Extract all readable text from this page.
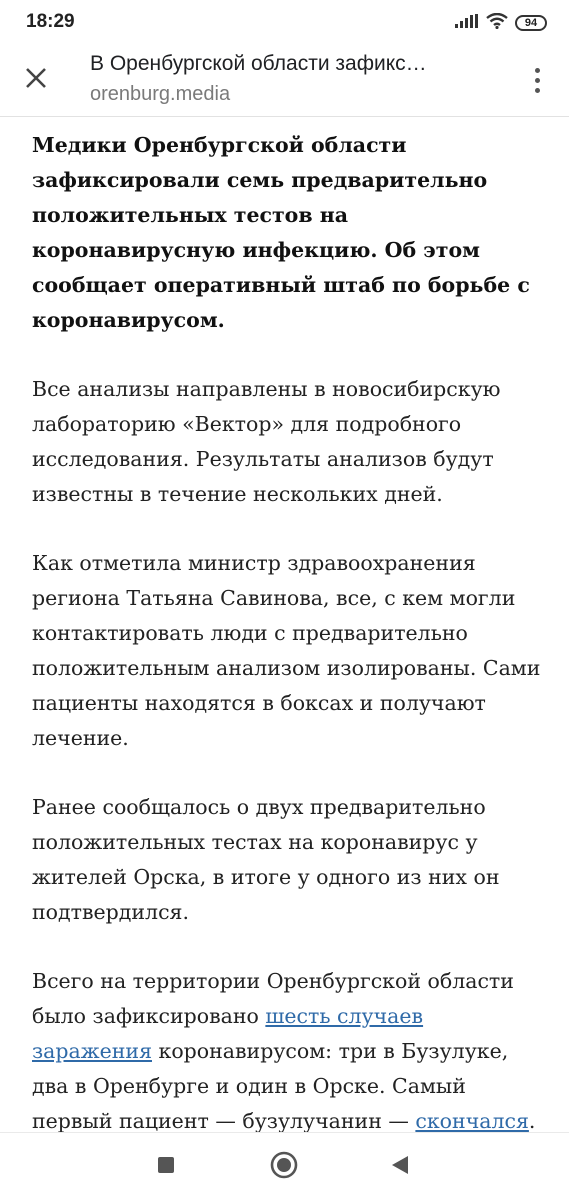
18:29	94
В Оренбургской области зафикс…
orenburg.media

Медики Оренбургской области зафиксировали семь предварительно положительных тестов на коронавирусную инфекцию. Об этом сообщает оперативный штаб по борьбе с коронавирусом.

Все анализы направлены в новосибирскую лабораторию «Вектор» для подробного исследования. Результаты анализов будут известны в течение нескольких дней.

Как отметила министр здравоохранения региона Татьяна Савинова, все, с кем могли контактировать люди с предварительно положительным анализом изолированы. Сами пациенты находятся в боксах и получают лечение.

Ранее сообщалось о двух предварительно положительных тестах на коронавирус у жителей Орска, в итоге у одного из них он подтвердился.

Всего на территории Оренбургской области было зафиксировано шесть случаев заражения коронавирусом: три в Бузулуке, два в Оренбурге и один в Орске. Самый первый пациент — бузулучанин — скончался.
